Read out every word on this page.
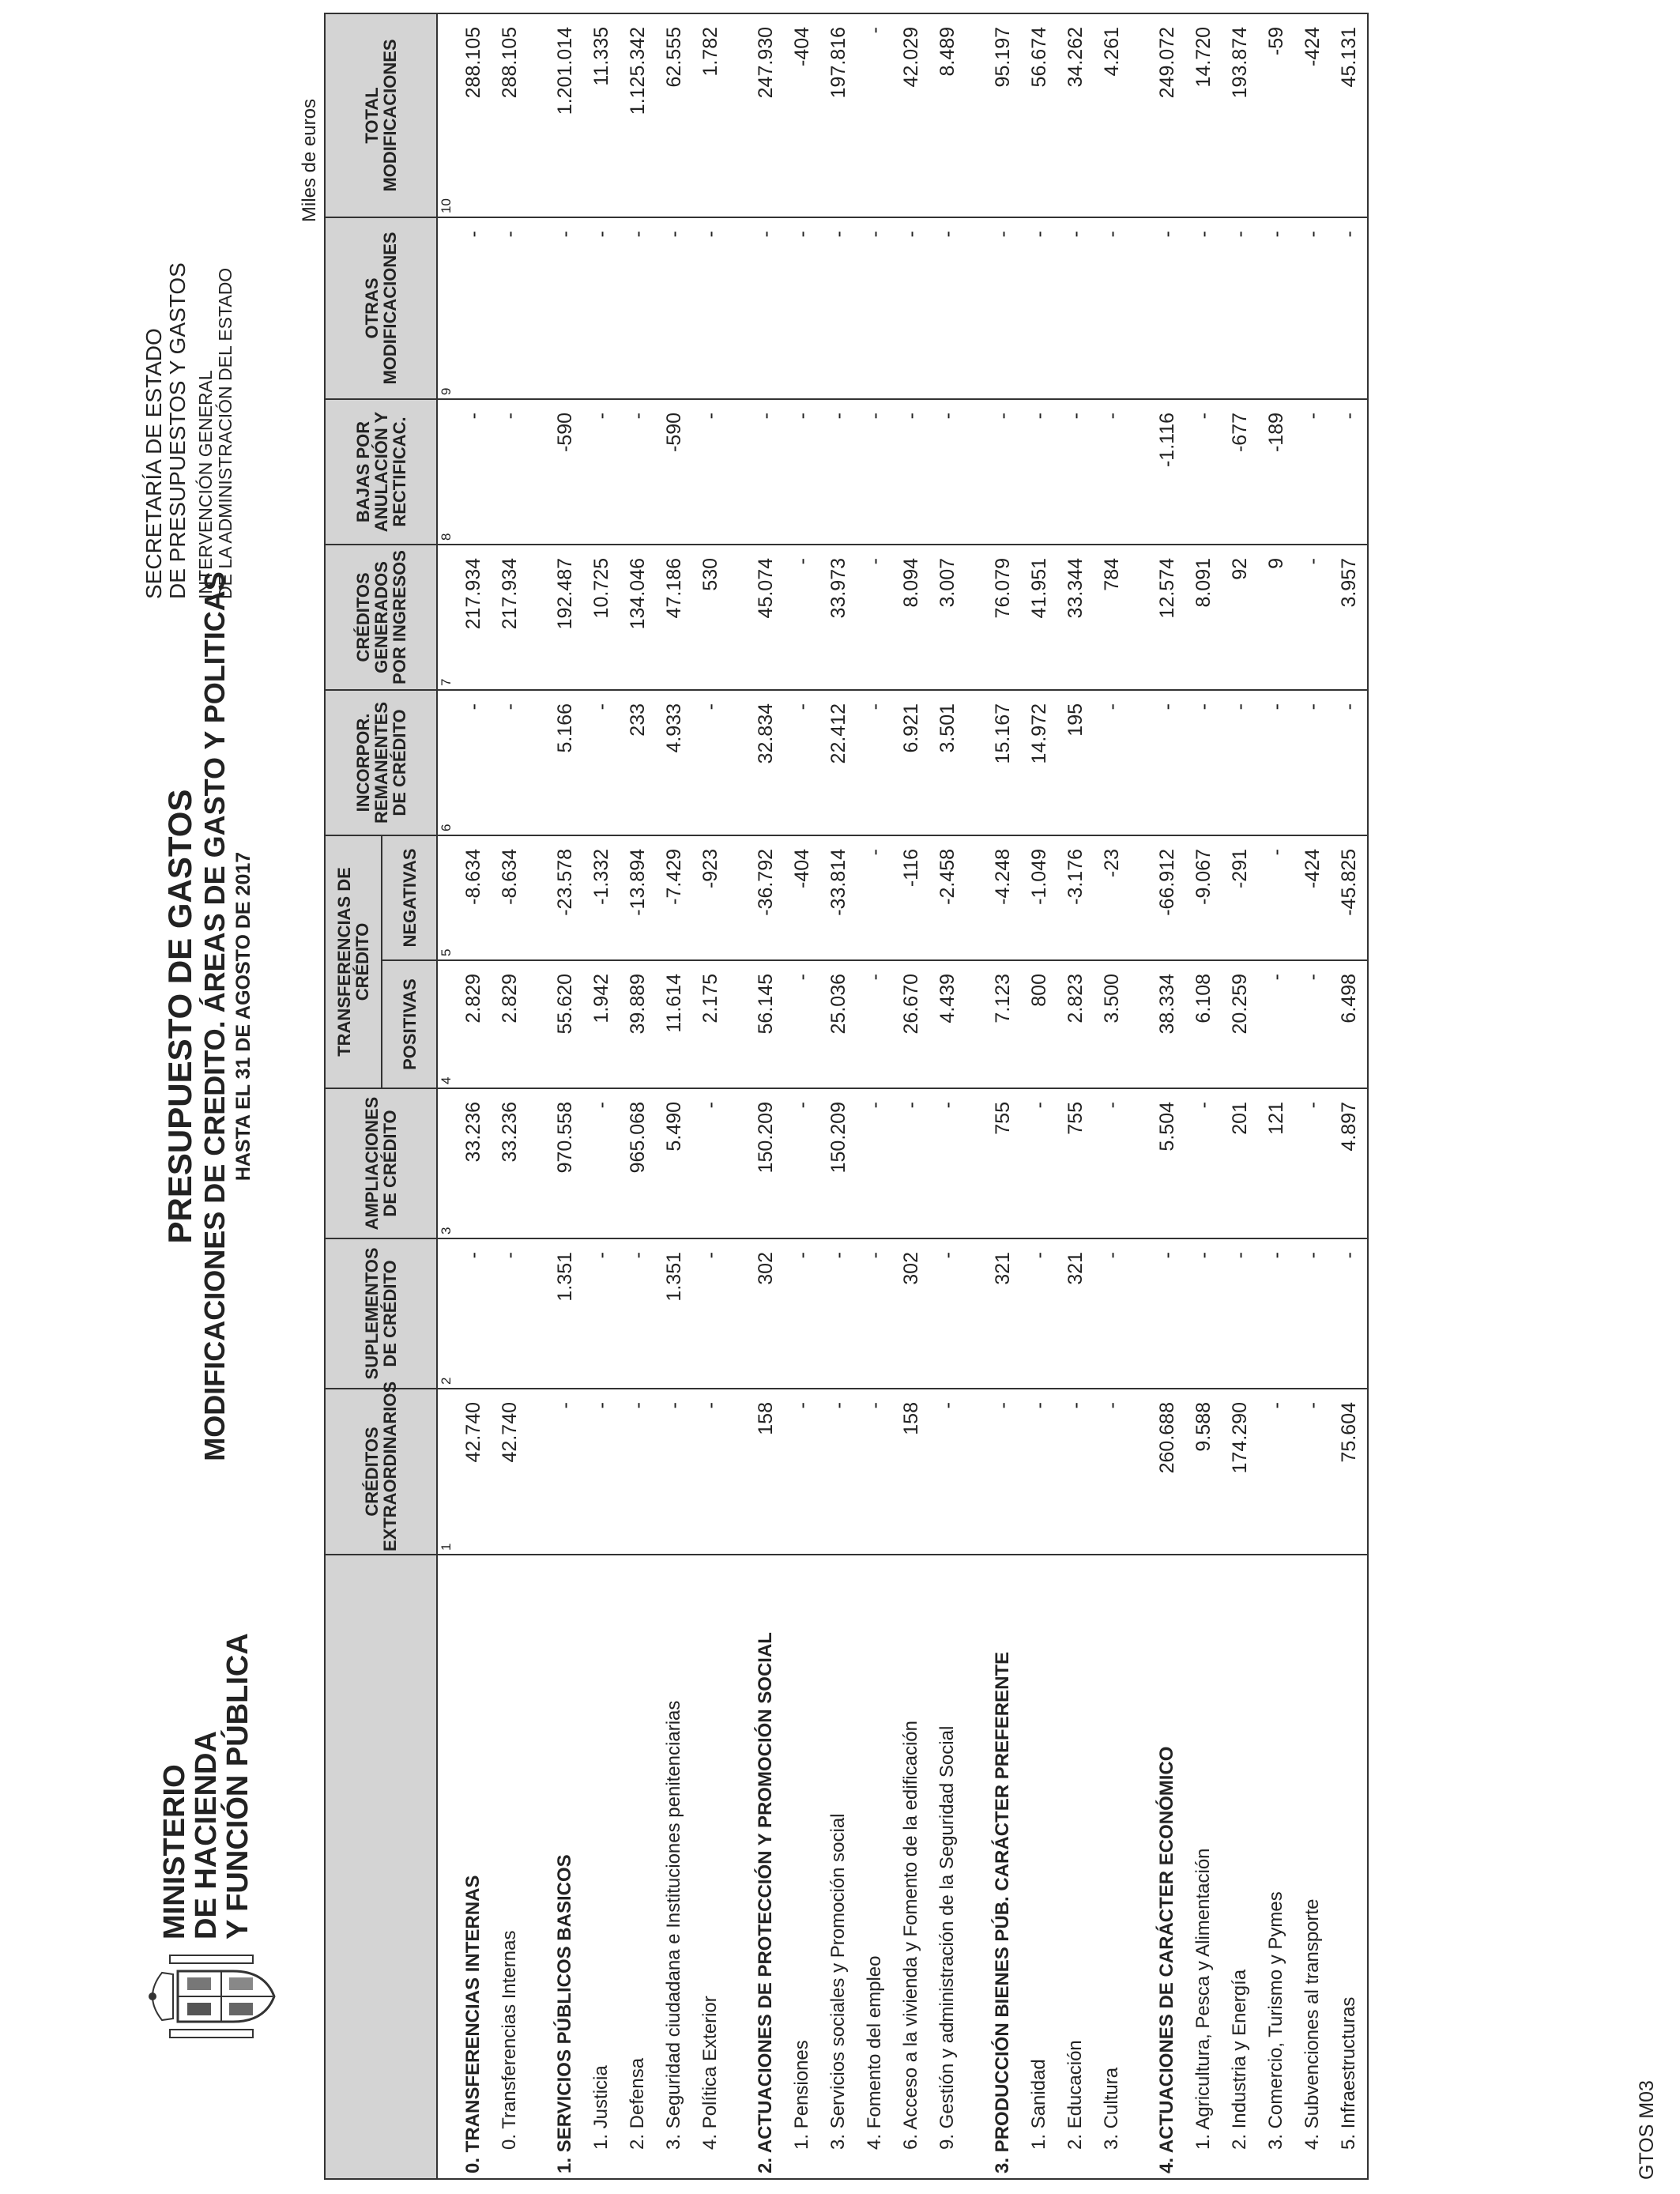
MINISTERIO
DE HACIENDA
Y FUNCIÓN PÚBLICA
PRESUPUESTO DE GASTOS MODIFICACIONES DE CREDITO. ÁREAS DE GASTO Y POLITICAS HASTA EL 31 DE AGOSTO DE 2017
SECRETARÍA DE ESTADO DE PRESUPUESTOS Y GASTOS INTERVENCIÓN GENERAL DE LA ADMINISTRACIÓN DEL ESTADO
Miles de euros
	CRÉDITOS EXTRAORDINARIOS	SUPLEMENTOS DE CRÉDITO	AMPLIACIONES DE CRÉDITO	TRANSFERENCIAS DE CRÉDITO		INCORPOR. REMANENTES DE CRÉDITO	CRÉDITOS GENERADOS POR INGRESOS	BAJAS POR ANULACIÓN Y RECTIFICAC.	OTRAS MODIFICACIONES	TOTAL MODIFICACIONES
				POSITIVAS	NEGATIVAS					
	1	2	3	4	5	6	7	8	9	10
0. TRANSFERENCIAS INTERNAS	42.740	-	33.236	2.829	-8.634	-	217.934	-	-	288.105
0. Transferencias Internas	42.740	-	33.236	2.829	-8.634	-	217.934	-	-	288.105

1. SERVICIOS PÚBLICOS BASICOS	-	1.351	970.558	55.620	-23.578	5.166	192.487	-590	-	1.201.014
1. Justicia	-	-	-	1.942	-1.332	-	10.725	-	-	11.335
2. Defensa	-	-	965.068	39.889	-13.894	233	134.046	-	-	1.125.342
3. Seguridad ciudadana e Instituciones penitenciarias	-	1.351	5.490	11.614	-7.429	4.933	47.186	-590	-	62.555
4. Política Exterior	-	-	-	2.175	-923	-	530	-	-	1.782

2. ACTUACIONES DE PROTECCIÓN Y PROMOCIÓN SOCIAL	158	302	150.209	56.145	-36.792	32.834	45.074	-	-	247.930
1. Pensiones	-	-	-	-	-404	-	-	-	-	-404
3. Servicios sociales y Promoción social	-	-	150.209	25.036	-33.814	22.412	33.973	-	-	197.816
4. Fomento del empleo	-	-	-	-	-	-	-	-	-	-
6. Acceso a la vivienda y Fomento de la edificación	158	302	-	26.670	-116	6.921	8.094	-	-	42.029
9. Gestión y administración de la Seguridad Social	-	-	-	4.439	-2.458	3.501	3.007	-	-	8.489

3. PRODUCCIÓN BIENES PÚB. CARÁCTER PREFERENTE	-	321	755	7.123	-4.248	15.167	76.079	-	-	95.197
1. Sanidad	-	-	-	800	-1.049	14.972	41.951	-	-	56.674
2. Educación	-	321	755	2.823	-3.176	195	33.344	-	-	34.262
3. Cultura	-	-	-	3.500	-23	-	784	-	-	4.261

4. ACTUACIONES DE CARÁCTER ECONÓMICO	260.688	-	5.504	38.334	-66.912	-	12.574	-1.116	-	249.072
1. Agricultura, Pesca y Alimentación	9.588	-	-	6.108	-9.067	-	8.091	-	-	14.720
2. Industria y Energía	174.290	-	201	20.259	-291	-	92	-677	-	193.874
3. Comercio, Turismo y Pymes	-	-	121	-	-	-	9	-189	-	-59
4. Subvenciones al transporte	-	-	-	-	-424	-	-	-	-	-424
5. Infraestructuras	75.604	-	4.897	6.498	-45.825	-	3.957	-	-	45.131
GTOS M03
